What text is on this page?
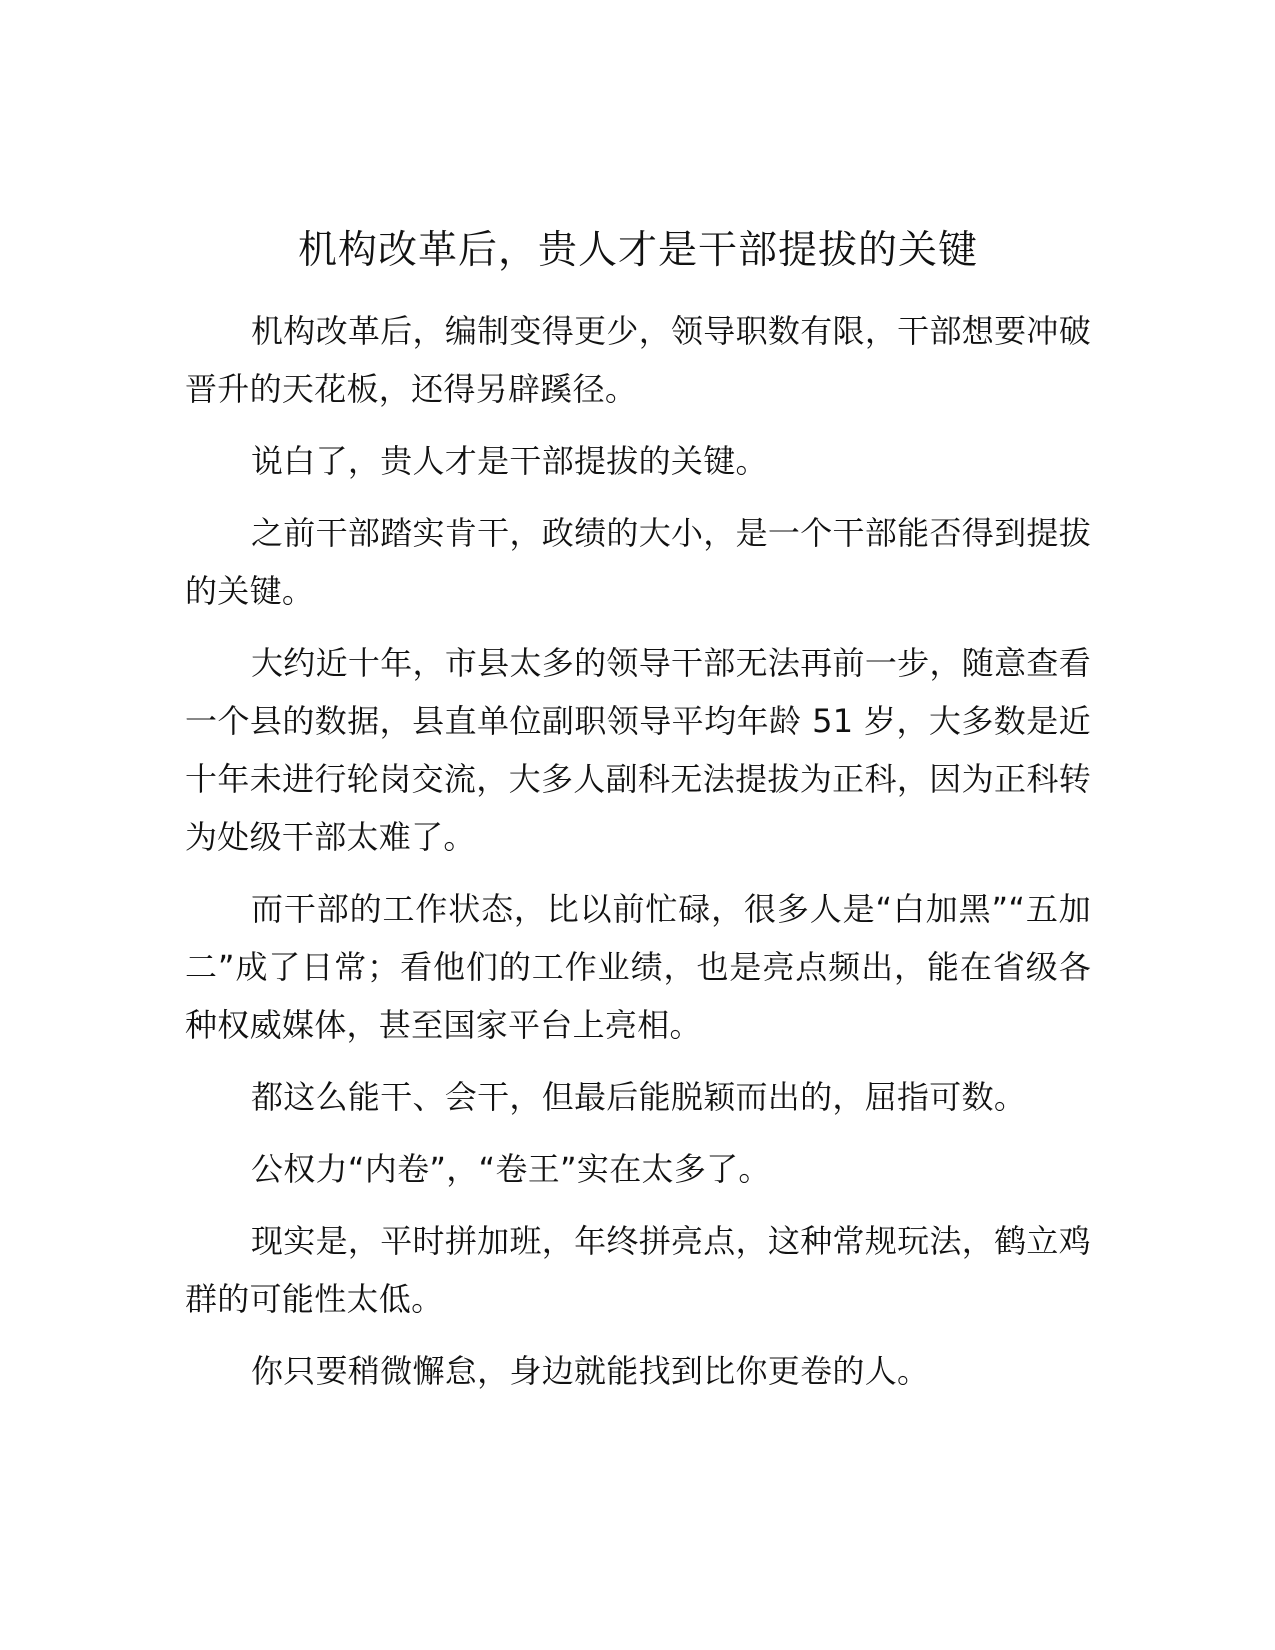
机构改革后，贵人才是干部提拔的关键

机构改革后，编制变得更少，领导职数有限，干部想要冲破晋升的天花板，还得另辟蹊径。

说白了，贵人才是干部提拔的关键。

之前干部踏实肯干，政绩的大小，是一个干部能否得到提拔的关键。

大约近十年，市县太多的领导干部无法再前一步，随意查看一个县的数据，县直单位副职领导平均年龄 51 岁，大多数是近十年未进行轮岗交流，大多人副科无法提拔为正科，因为正科转为处级干部太难了。

而干部的工作状态，比以前忙碌，很多人是“白加黑”“五加二”成了日常；看他们的工作业绩，也是亮点频出，能在省级各种权威媒体，甚至国家平台上亮相。

都这么能干、会干，但最后能脱颖而出的，屈指可数。

公权力“内卷”，“卷王”实在太多了。

现实是，平时拼加班，年终拼亮点，这种常规玩法，鹤立鸡群的可能性太低。

你只要稍微懈怠，身边就能找到比你更卷的人。
